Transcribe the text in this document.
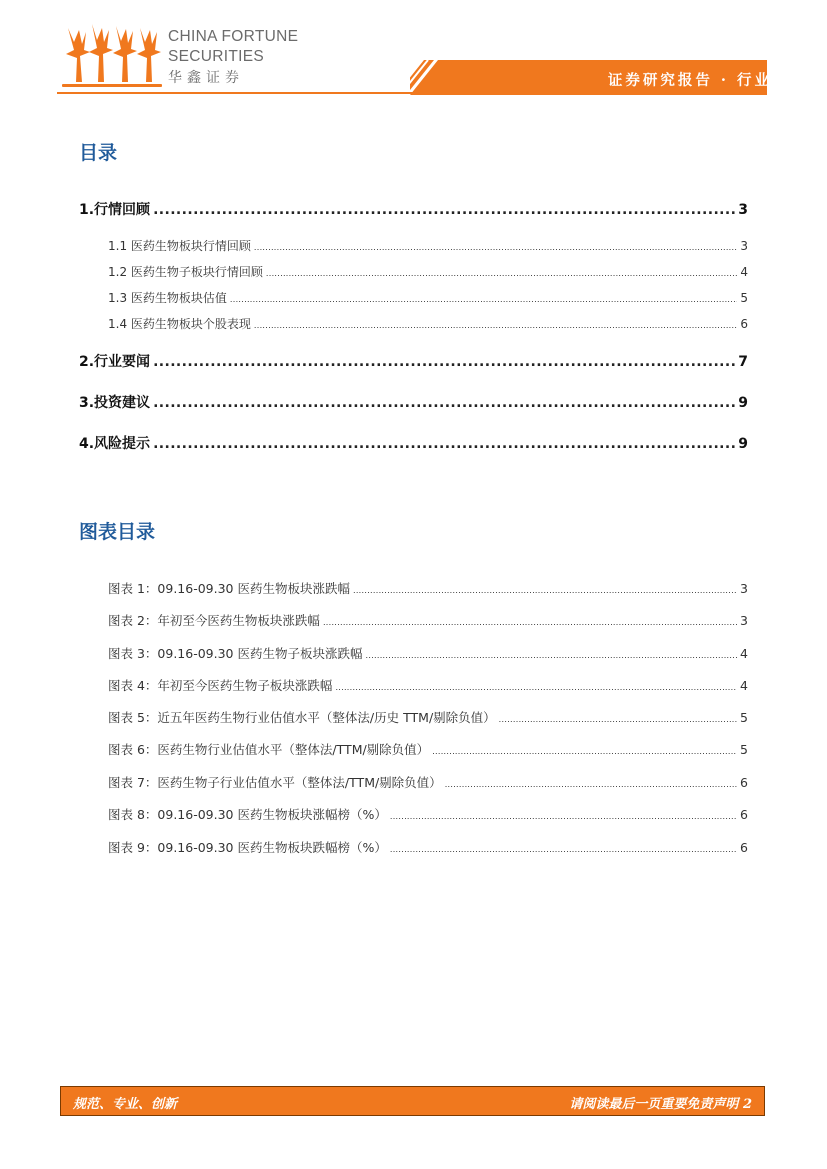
CHINA FORTUNE
SECURITIES
华鑫证券	证券研究报告 · 行业报告
目录
1.行情回顾 .....	3
1.1 医药生物板块行情回顾 .....	3
1.2 医药生物子板块行情回顾 .....	4
1.3 医药生物板块估值 .....	5
1.4 医药生物板块个股表现 .....	6
2.行业要闻 .....	7
3.投资建议 .....	9
4.风险提示 .....	9
图表目录
图表 1：09.16-09.30 医药生物板块涨跌幅 .....	3
图表 2：年初至今医药生物板块涨跌幅 .....	3
图表 3：09.16-09.30 医药生物子板块涨跌幅 .....	4
图表 4：年初至今医药生物子板块涨跌幅 .....	4
图表 5：近五年医药生物行业估值水平（整体法/历史 TTM/剔除负值） .....	5
图表 6：医药生物行业估值水平（整体法/TTM/剔除负值） .....	5
图表 7：医药生物子行业估值水平（整体法/TTM/剔除负值） .....	6
图表 8：09.16-09.30 医药生物板块涨幅榜（%） .....	6
图表 9：09.16-09.30 医药生物板块跌幅榜（%） .....	6
规范、专业、创新	请阅读最后一页重要免责声明 2
